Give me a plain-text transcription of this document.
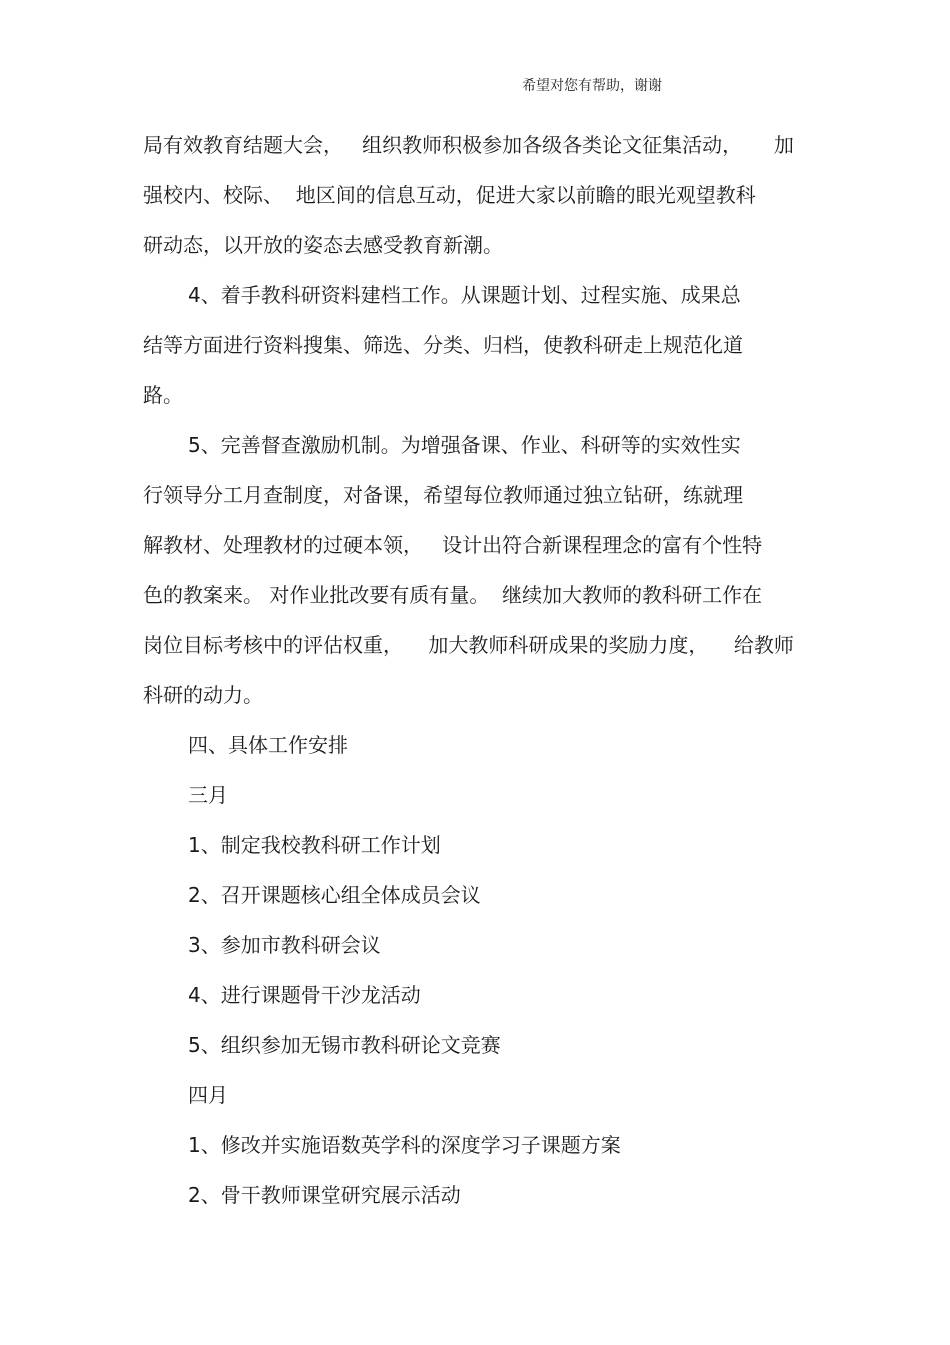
希望对您有帮助，谢谢
局有效教育结题大会，   组织教师积极参加各级各类论文征集活动，     加
强校内、校际、  地区间的信息互动，促进大家以前瞻的眼光观望教科
研动态，以开放的姿态去感受教育新潮。
4、着手教科研资料建档工作。从课题计划、过程实施、成果总
结等方面进行资料搜集、筛选、分类、归档，使教科研走上规范化道
路。
5、完善督查激励机制。为增强备课、作业、科研等的实效性实
行领导分工月查制度，对备课，希望每位教师通过独立钻研，练就理
解教材、处理教材的过硬本领，   设计出符合新课程理念的富有个性特
色的教案来。 对作业批改要有质有量。  继续加大教师的教科研工作在
岗位目标考核中的评估权重，    加大教师科研成果的奖励力度，    给教师
科研的动力。
四、具体工作安排
三月
1、制定我校教科研工作计划
2、召开课题核心组全体成员会议
3、参加市教科研会议
4、进行课题骨干沙龙活动
5、组织参加无锡市教科研论文竞赛
四月
1、修改并实施语数英学科的深度学习子课题方案
2、骨干教师课堂研究展示活动
